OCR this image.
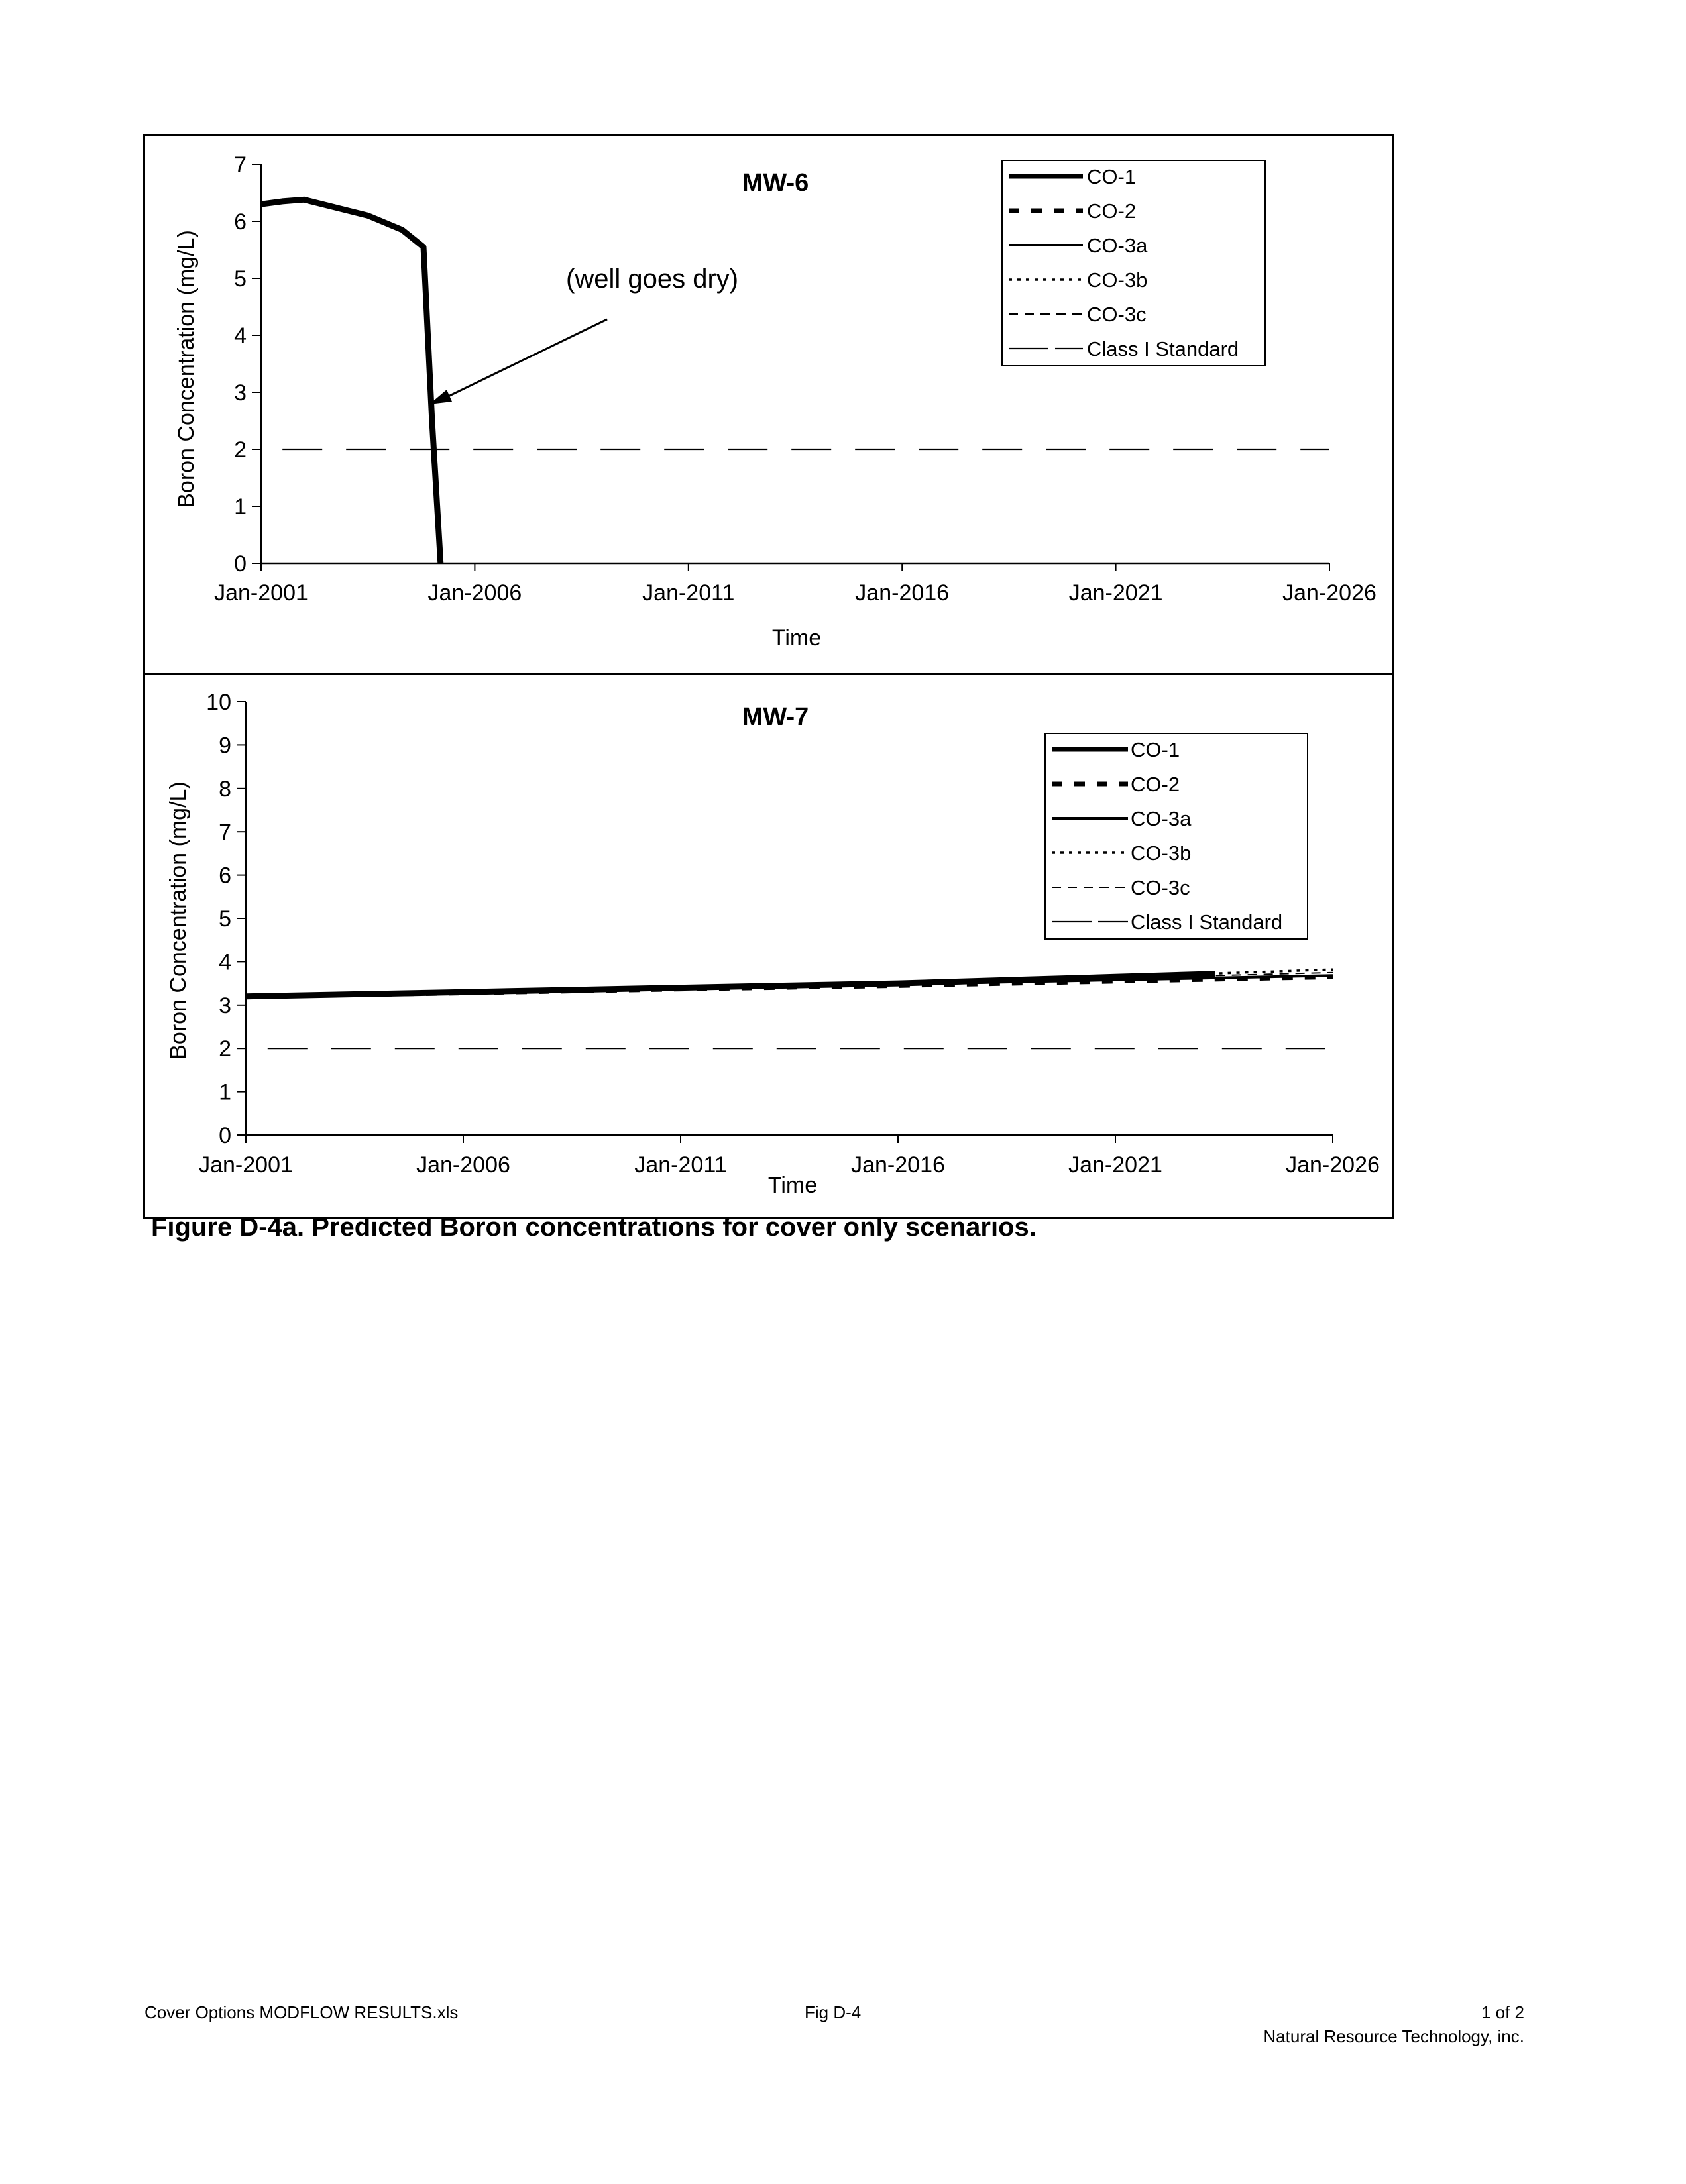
0
1
2
3
4
5
6
7
Jan-2001	Jan-2006	Jan-2011	Jan-2016	Jan-2021	Jan-2026
MW-6
Time
Boron Concentration (mg/L)	(well goes dry)
CO-1
CO-2
CO-3a
CO-3b
CO-3c
Class I Standard
0
1
2
3
4
5
6
7
8
9
10
Jan-2001	Jan-2006	Jan-2011	Jan-2016	Jan-2021	Jan-2026
MW-7
Time
Boron Concentration (mg/L)
CO-1
CO-2
CO-3a
CO-3b
CO-3c
Class I Standard
Figure D-4a. Predicted Boron concentrations for cover only scenarios.
Cover Options MODFLOW RESULTS.xls	Fig D-4	1 of 2
Natural Resource Technology, inc.
